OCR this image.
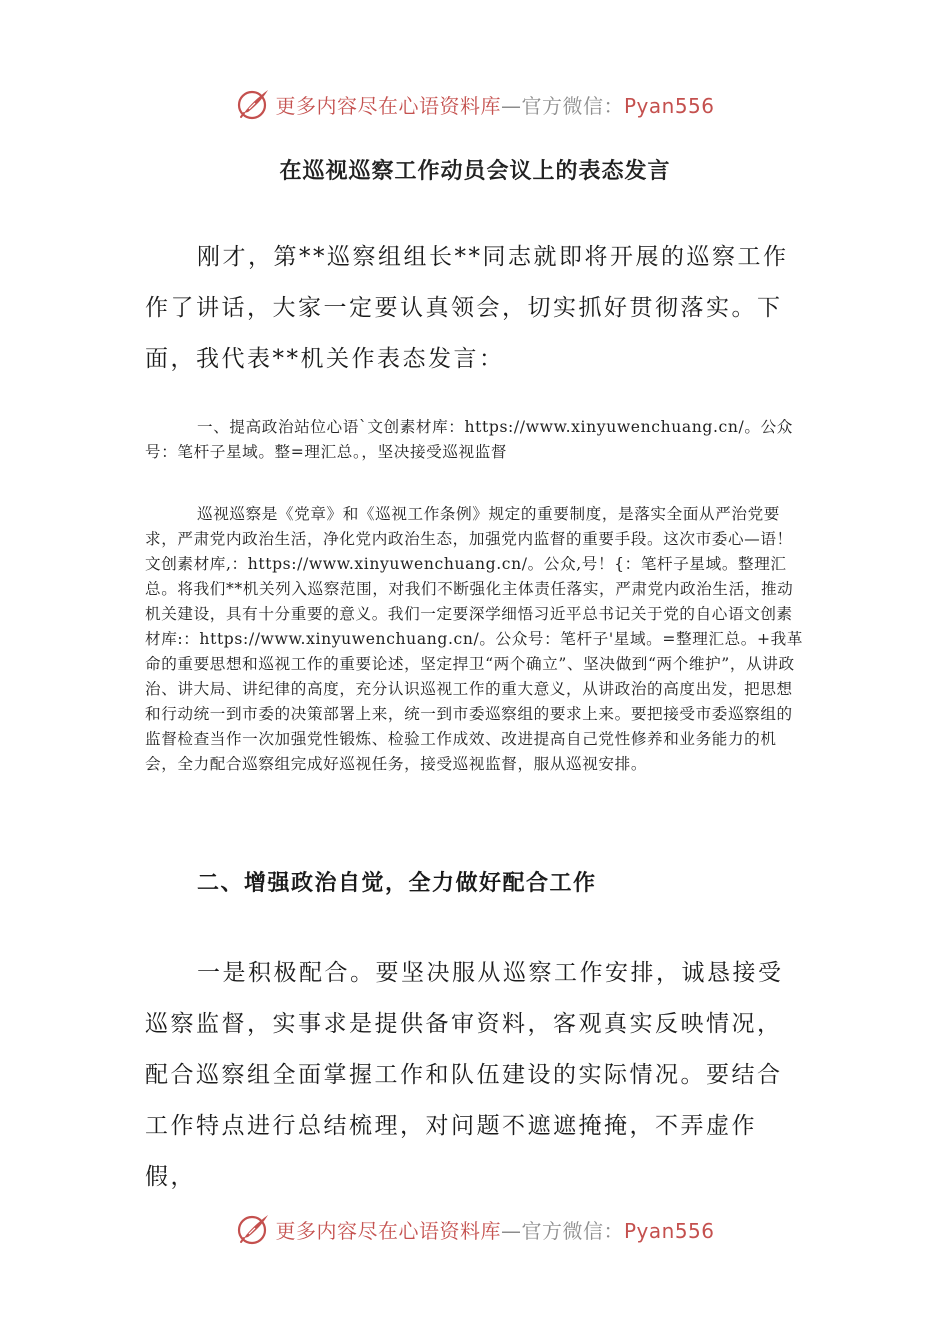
更多内容尽在心语资料库—官方微信：Pyan556
在巡视巡察工作动员会议上的表态发言

刚才，第**巡察组组长**同志就即将开展的巡察工作作了讲话，大家一定要认真领会，切实抓好贯彻落实。下面，我代表**机关作表态发言：

一、提高政治站位心语`文创素材库：https://www.xinyuwenchuang.cn/。公众号：笔杆子星域。整=理汇总。，坚决接受巡视监督

巡视巡察是《党章》和《巡视工作条例》规定的重要制度，是落实全面从严治党要求，严肃党内政治生活，净化党内政治生态，加强党内监督的重要手段。这次市委心—语！文创素材库,：https://www.xinyuwenchuang.cn/。公众,号！{：笔杆子星域。整理汇总。将我们**机关列入巡察范围，对我们不断强化主体责任落实，严肃党内政治生活，推动机关建设，具有十分重要的意义。我们一定要深学细悟习近平总书记关于党的自心语文创素材库:：https://www.xinyuwenchuang.cn/。公众号：笔杆子'星域。=整理汇总。+我革命的重要思想和巡视工作的重要论述，坚定捍卫“两个确立”、坚决做到“两个维护”，从讲政治、讲大局、讲纪律的高度，充分认识巡视工作的重大意义，从讲政治的高度出发，把思想和行动统一到市委的决策部署上来，统一到市委巡察组的要求上来。要把接受市委巡察组的监督检查当作一次加强党性锻炼、检验工作成效、改进提高自己党性修养和业务能力的机会，全力配合巡察组完成好巡视任务，接受巡视监督，服从巡视安排。

二、增强政治自觉，全力做好配合工作

一是积极配合。要坚决服从巡察工作安排，诚恳接受巡察监督，实事求是提供备审资料，客观真实反映情况，配合巡察组全面掌握工作和队伍建设的实际情况。要结合工作特点进行总结梳理，对问题不遮遮掩掩，不弄虚作假，

更多内容尽在心语资料库—官方微信：Pyan556
